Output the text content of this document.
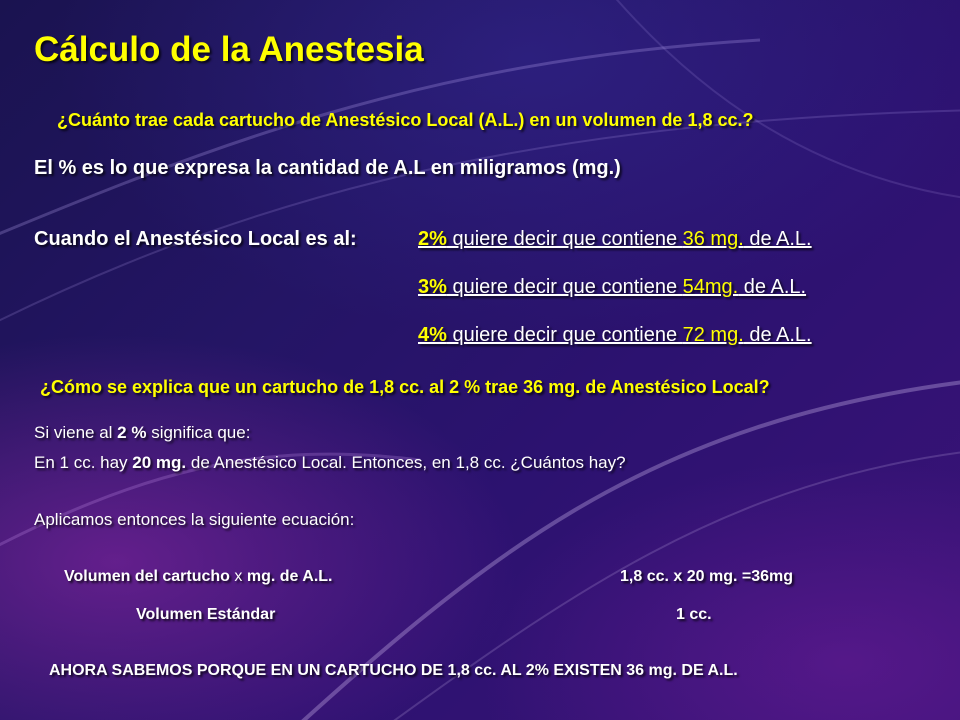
Cálculo de la Anestesia
¿Cuánto trae cada cartucho de Anestésico Local (A.L.) en un volumen de 1,8 cc.?
El % es lo que expresa la cantidad de A.L en miligramos (mg.)
Cuando el Anestésico Local es al:	2% quiere decir que contiene 36 mg. de A.L.
3% quiere decir que contiene 54mg. de A.L.
4% quiere decir que contiene 72 mg. de A.L.
¿Cómo se explica que un cartucho de 1,8 cc. al 2 % trae 36 mg. de Anestésico Local?
Si viene al 2 % significa que:
En 1 cc. hay 20 mg. de Anestésico Local. Entonces, en 1,8 cc. ¿Cuántos hay?
Aplicamos entonces la siguiente ecuación:
Volumen del cartucho x mg. de A.L.	1,8 cc. x 20 mg. =36mg
Volumen Estándar	1 cc.
AHORA SABEMOS PORQUE EN UN CARTUCHO DE 1,8 cc. AL 2% EXISTEN 36 mg. DE A.L.
